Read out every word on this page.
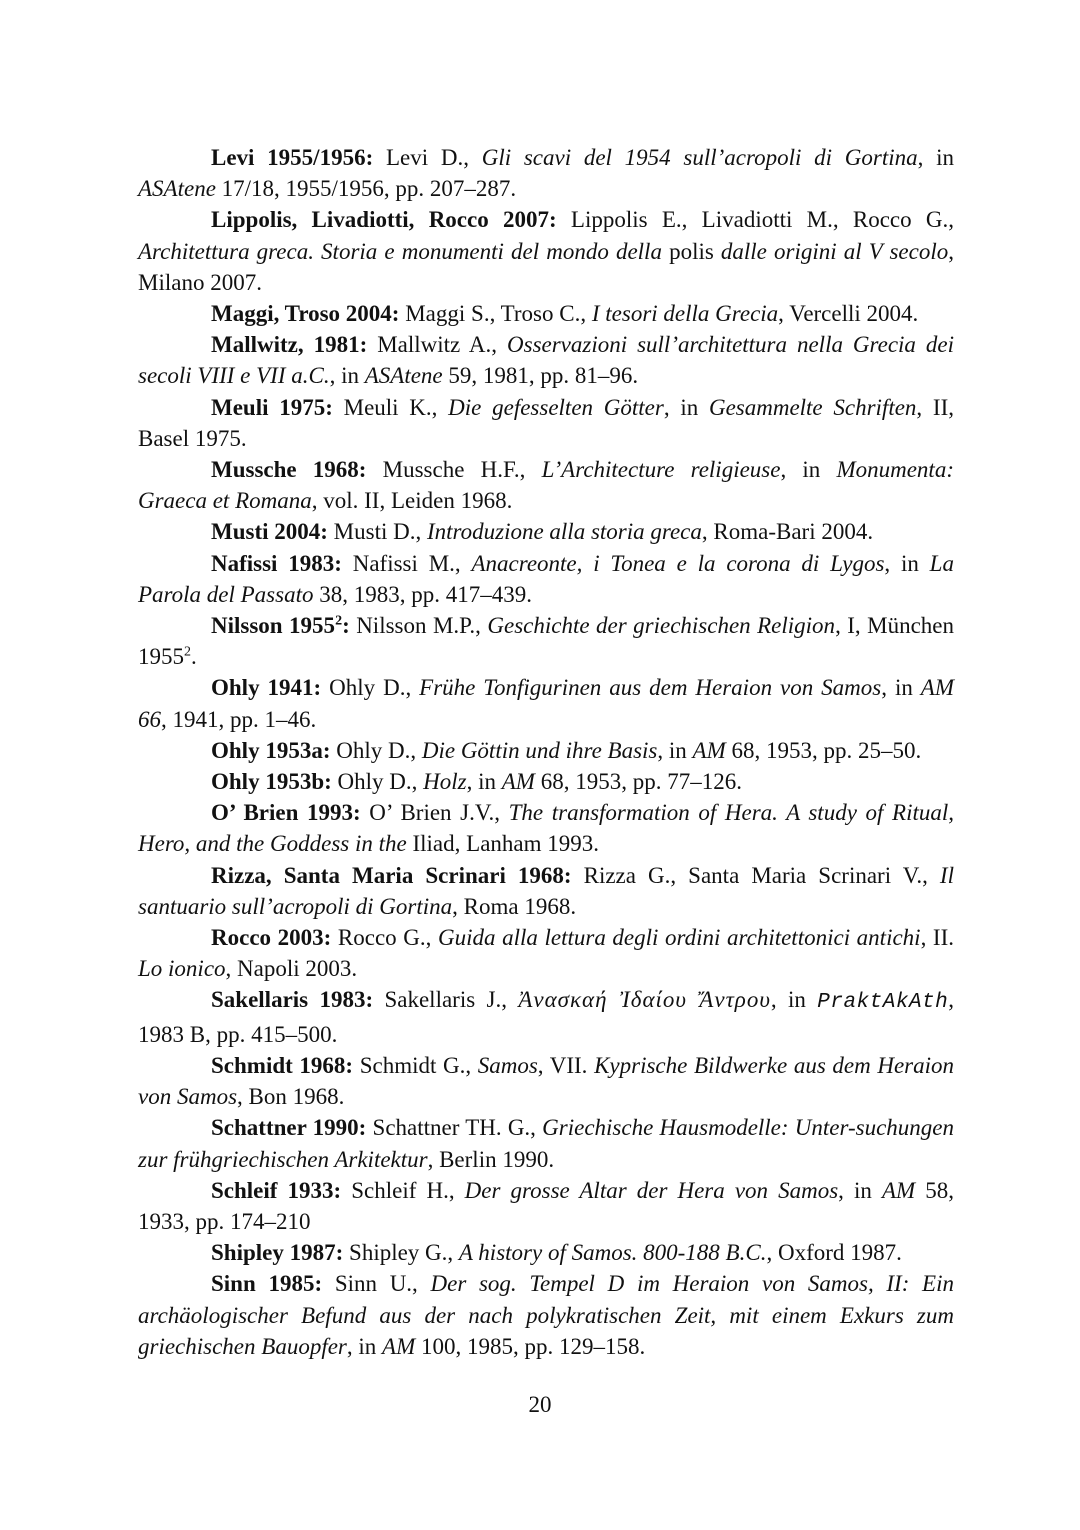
Levi 1955/1956: Levi D., Gli scavi del 1954 sull’acropoli di Gortina, in ASAtene 17/18, 1955/1956, pp. 207–287.

Lippolis, Livadiotti, Rocco 2007: Lippolis E., Livadiotti M., Rocco G., Architettura greca. Storia e monumenti del mondo della polis dalle origini al V secolo, Milano 2007.

Maggi, Troso 2004: Maggi S., Troso C., I tesori della Grecia, Vercelli 2004.

Mallwitz, 1981: Mallwitz A., Osservazioni sull’architettura nella Grecia dei secoli VIII e VII a.C., in ASAtene 59, 1981, pp. 81–96.

Meuli 1975: Meuli K., Die gefesselten Götter, in Gesammelte Schriften, II, Basel 1975.

Mussche 1968: Mussche H.F., L’Architecture religieuse, in Monumenta: Graeca et Romana, vol. II, Leiden 1968.

Musti 2004: Musti D., Introduzione alla storia greca, Roma-Bari 2004.

Nafissi 1983: Nafissi M., Anacreonte, i Tonea e la corona di Lygos, in La Parola del Passato 38, 1983, pp. 417–439.

Nilsson 1955$^2$: Nilsson M.P., Geschichte der griechischen Religion, I, München 1955$^2$.

Ohly 1941: Ohly D., Frühe Tonfigurinen aus dem Heraion von Samos, in AM 66, 1941, pp. 1–46.

Ohly 1953a: Ohly D., Die Göttin und ihre Basis, in AM 68, 1953, pp. 25–50.

Ohly 1953b: Ohly D., Holz, in AM 68, 1953, pp. 77–126.

O’ Brien 1993: O’ Brien J.V., The transformation of Hera. A study of Ritual, Hero, and the Goddess in the Iliad, Lanham 1993.

Rizza, Santa Maria Scrinari 1968: Rizza G., Santa Maria Scrinari V., Il santuario sull’acropoli di Gortina, Roma 1968.

Rocco 2003: Rocco G., Guida alla lettura degli ordini architettonici antichi, II. Lo ionico, Napoli 2003.

Sakellaris 1983: Sakellaris J., Ἀνασκαή Ἰδαίου Ἄντρου, in PraktAkAth, 1983 B, pp. 415–500.

Schmidt 1968: Schmidt G., Samos, VII. Kyprische Bildwerke aus dem Heraion von Samos, Bon 1968.

Schattner 1990: Schattner TH. G., Griechische Hausmodelle: Unter-suchungen zur frühgriechischen Arkitektur, Berlin 1990.

Schleif 1933: Schleif H., Der grosse Altar der Hera von Samos, in AM 58, 1933, pp. 174–210

Shipley 1987: Shipley G., A history of Samos. 800-188 B.C., Oxford 1987.

Sinn 1985: Sinn U., Der sog. Tempel D im Heraion von Samos, II: Ein archäologischer Befund aus der nach polykratischen Zeit, mit einem Exkurs zum griechischen Bauopfer, in AM 100, 1985, pp. 129–158.

20
